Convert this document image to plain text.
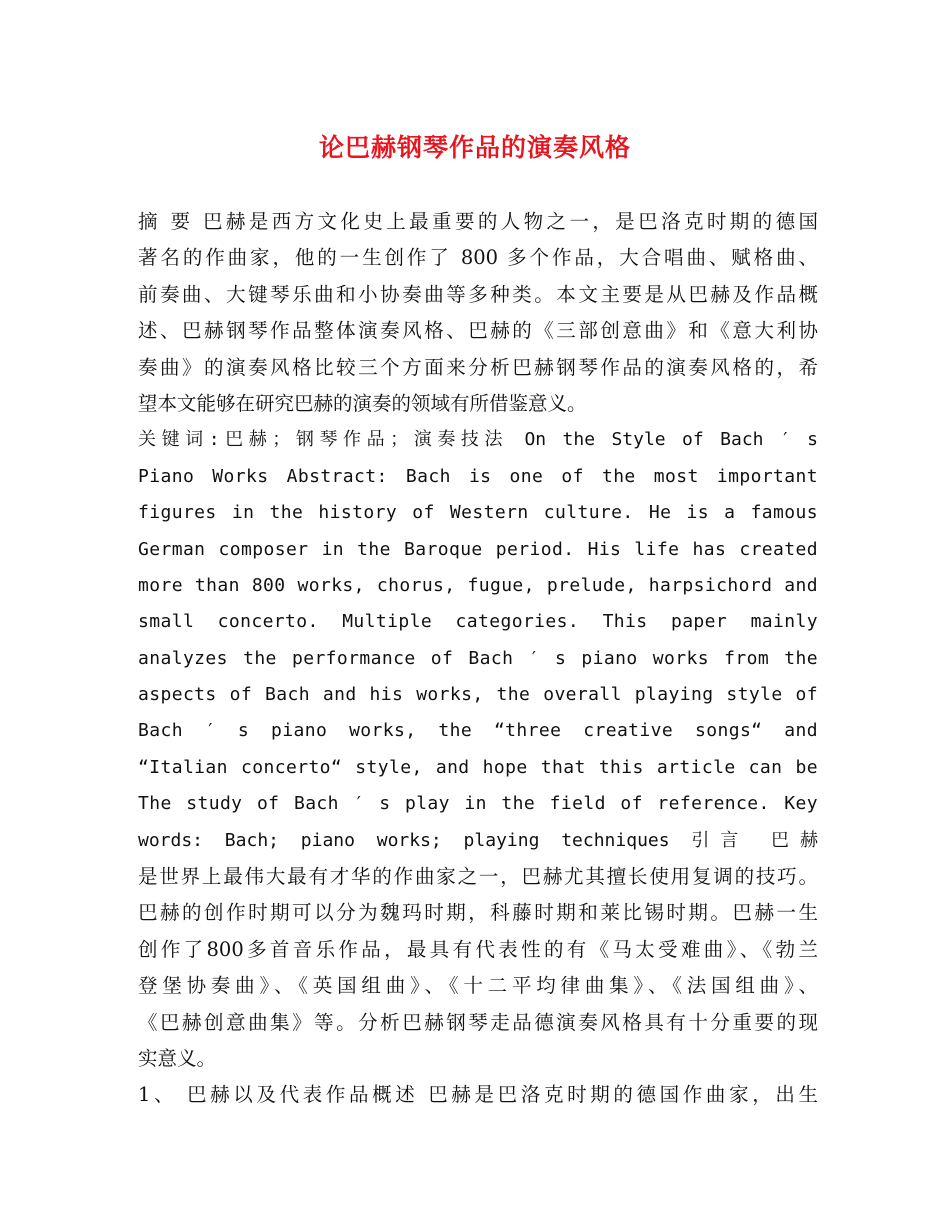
论巴赫钢琴作品的演奏风格
摘 要 巴赫是西方文化史上最重要的人物之一，是巴洛克时期的德国
著名的作曲家，他的一生创作了 800 多个作品，大合唱曲、赋格曲、
前奏曲、大键琴乐曲和小协奏曲等多种类。本文主要是从巴赫及作品概
述、巴赫钢琴作品整体演奏风格、巴赫的《三部创意曲》和《意大利协
奏曲》的演奏风格比较三个方面来分析巴赫钢琴作品的演奏风格的，希
望本文能够在研究巴赫的演奏的领域有所借鉴意义。
关键词:巴赫；钢琴作品；演奏技法 On the Style of Bach ′ s
Piano Works Abstract: Bach is one of the most important
figures in the history of Western culture. He is a famous
German composer in the Baroque period. His life has created
more than 800 works, chorus, fugue, prelude, harpsichord and
small concerto. Multiple categories. This paper mainly
analyzes the performance of Bach ′ s piano works from the
aspects of Bach and his works, the overall playing style of
Bach ′ s piano works, the “three creative songs“ and
“Italian concerto“ style, and hope that this article can be
The study of Bach ′ s play in the field of reference. Key
words: Bach; piano works; playing techniques 引言 巴赫
是世界上最伟大最有才华的作曲家之一，巴赫尤其擅长使用复调的技巧。
巴赫的创作时期可以分为魏玛时期，科藤时期和莱比锡时期。巴赫一生
创作了800多首音乐作品，最具有代表性的有《马太受难曲》、《勃兰
登堡协奏曲》、《英国组曲》、《十二平均律曲集》、《法国组曲》、
《巴赫创意曲集》等。分析巴赫钢琴走品德演奏风格具有十分重要的现
实意义。
1、 巴赫以及代表作品概述 巴赫是巴洛克时期的德国作曲家，出生
